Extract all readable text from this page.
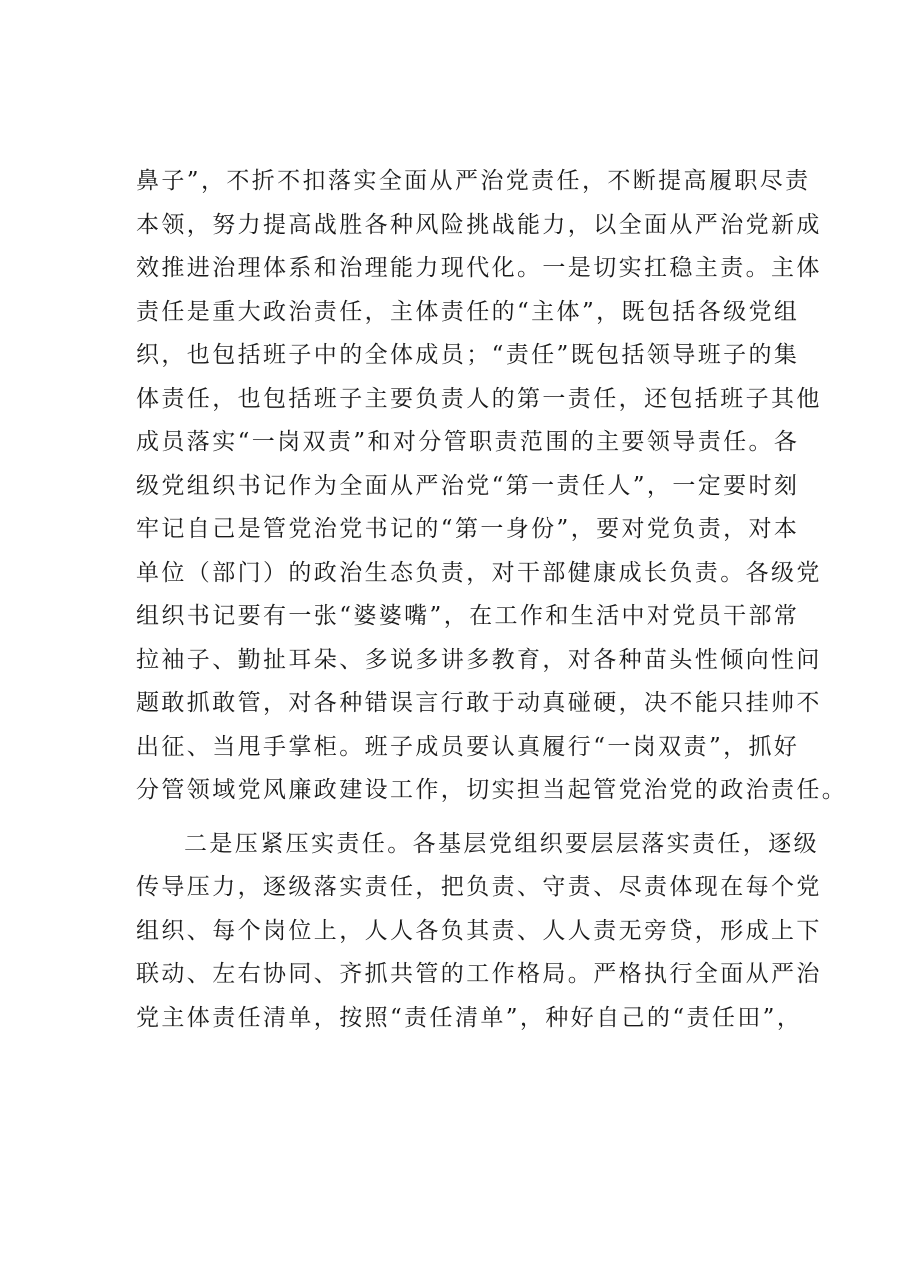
鼻子”，不折不扣落实全面从严治党责任，不断提高履职尽责
本领，努力提高战胜各种风险挑战能力，以全面从严治党新成
效推进治理体系和治理能力现代化。一是切实扛稳主责。主体
责任是重大政治责任，主体责任的“主体”，既包括各级党组
织，也包括班子中的全体成员；“责任”既包括领导班子的集
体责任，也包括班子主要负责人的第一责任，还包括班子其他
成员落实“一岗双责”和对分管职责范围的主要领导责任。各
级党组织书记作为全面从严治党“第一责任人”，一定要时刻
牢记自己是管党治党书记的“第一身份”，要对党负责，对本
单位（部门）的政治生态负责，对干部健康成长负责。各级党
组织书记要有一张“婆婆嘴”，在工作和生活中对党员干部常
拉袖子、勤扯耳朵、多说多讲多教育，对各种苗头性倾向性问
题敢抓敢管，对各种错误言行敢于动真碰硬，决不能只挂帅不
出征、当甩手掌柜。班子成员要认真履行“一岗双责”，抓好
分管领域党风廉政建设工作，切实担当起管党治党的政治责任。
二是压紧压实责任。各基层党组织要层层落实责任，逐级
传导压力，逐级落实责任，把负责、守责、尽责体现在每个党
组织、每个岗位上，人人各负其责、人人责无旁贷，形成上下
联动、左右协同、齐抓共管的工作格局。严格执行全面从严治
党主体责任清单，按照“责任清单”，种好自己的“责任田”，
